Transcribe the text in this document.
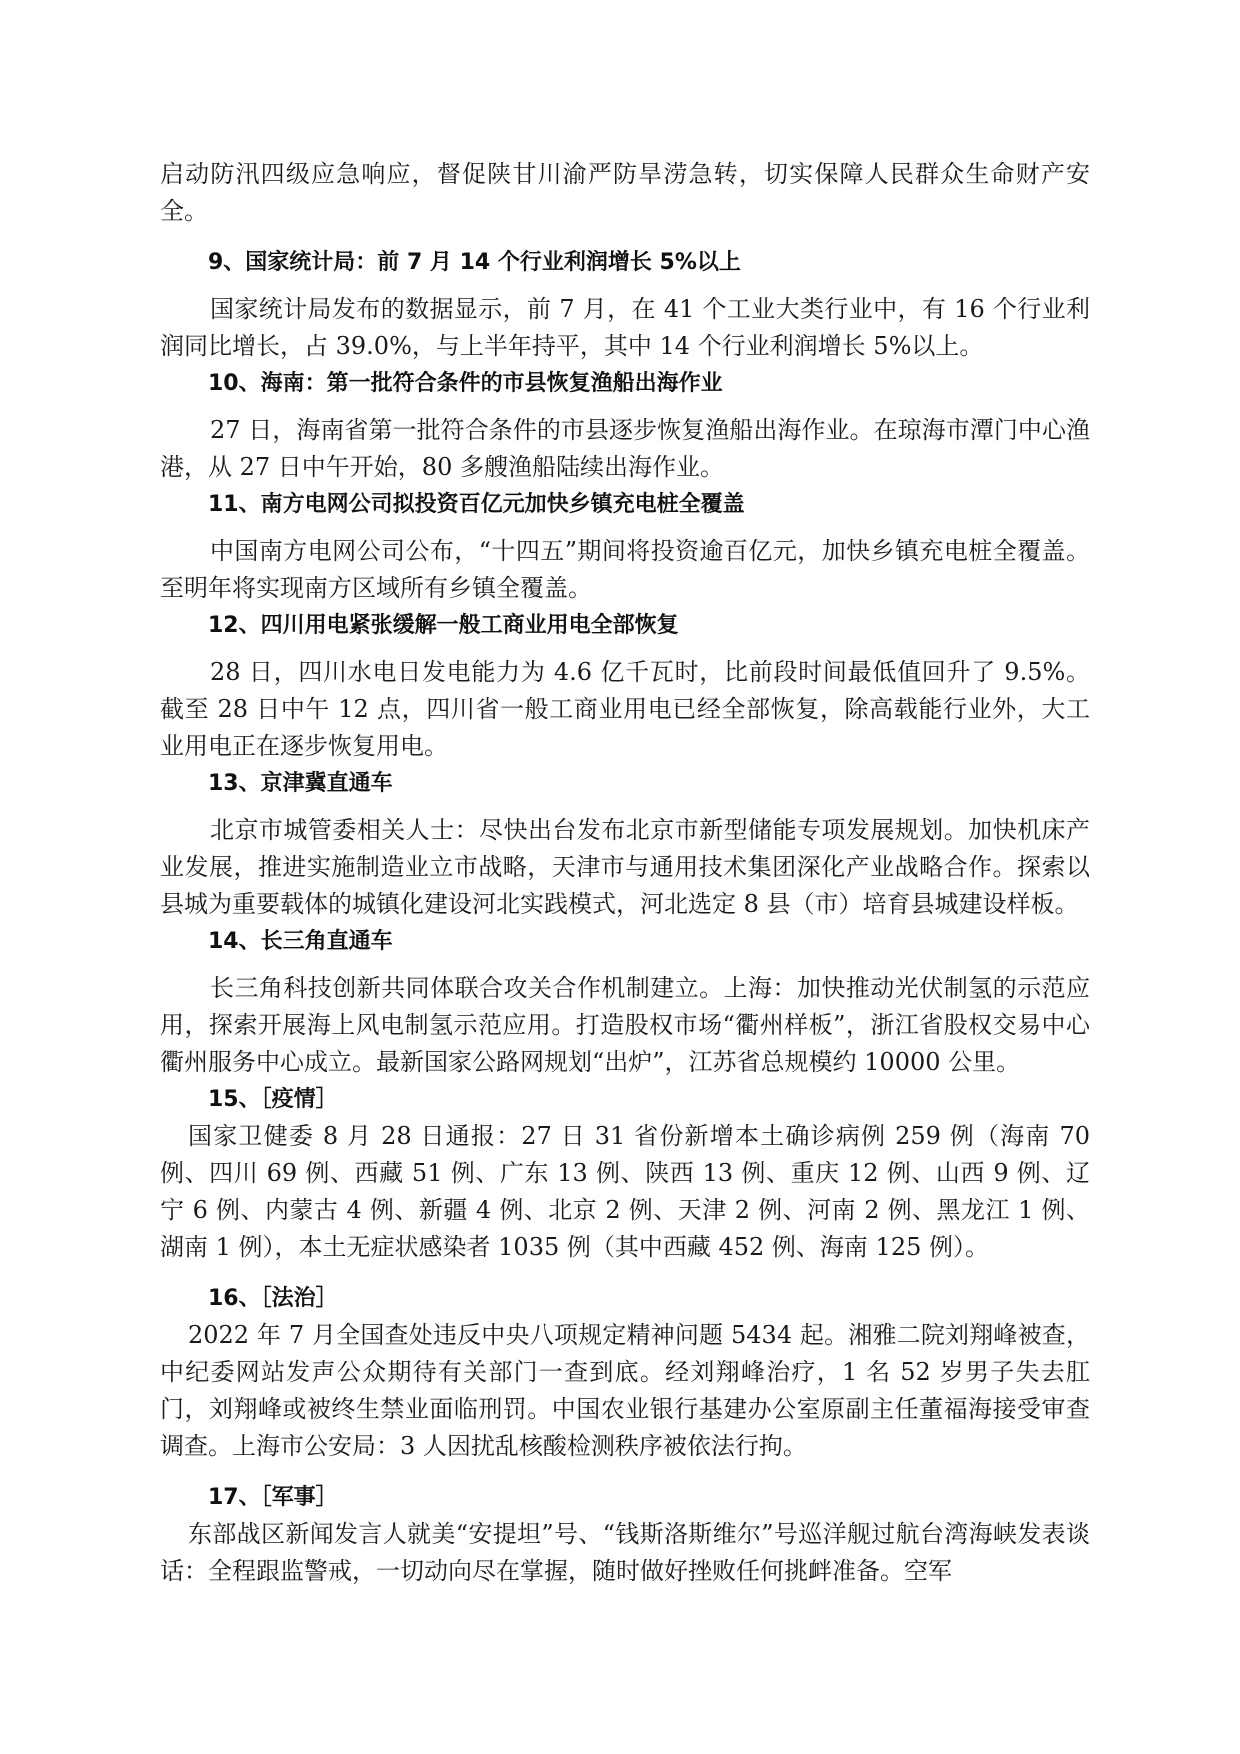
启动防汛四级应急响应，督促陕甘川渝严防旱涝急转，切实保障人民群众生命财产安全。

9、国家统计局：前 7 月 14 个行业利润增长 5%以上

国家统计局发布的数据显示，前 7 月，在 41 个工业大类行业中，有 16 个行业利润同比增长，占 39.0%，与上半年持平，其中 14 个行业利润增长 5%以上。

10、海南：第一批符合条件的市县恢复渔船出海作业

27 日，海南省第一批符合条件的市县逐步恢复渔船出海作业。在琼海市潭门中心渔港，从 27 日中午开始，80 多艘渔船陆续出海作业。

11、南方电网公司拟投资百亿元加快乡镇充电桩全覆盖

中国南方电网公司公布，“十四五”期间将投资逾百亿元，加快乡镇充电桩全覆盖。至明年将实现南方区域所有乡镇全覆盖。

12、四川用电紧张缓解一般工商业用电全部恢复

28 日，四川水电日发电能力为 4.6 亿千瓦时，比前段时间最低值回升了 9.5%。截至 28 日中午 12 点，四川省一般工商业用电已经全部恢复，除高载能行业外，大工业用电正在逐步恢复用电。

13、京津冀直通车

北京市城管委相关人士：尽快出台发布北京市新型储能专项发展规划。加快机床产业发展，推进实施制造业立市战略，天津市与通用技术集团深化产业战略合作。探索以县城为重要载体的城镇化建设河北实践模式，河北选定 8 县（市）培育县城建设样板。

14、长三角直通车

长三角科技创新共同体联合攻关合作机制建立。上海：加快推动光伏制氢的示范应用，探索开展海上风电制氢示范应用。打造股权市场“衢州样板”，浙江省股权交易中心衢州服务中心成立。最新国家公路网规划“出炉”，江苏省总规模约 10000 公里。

15、［疫情］

国家卫健委 8 月 28 日通报：27 日 31 省份新增本土确诊病例 259 例（海南 70 例、四川 69 例、西藏 51 例、广东 13 例、陕西 13 例、重庆 12 例、山西 9 例、辽宁 6 例、内蒙古 4 例、新疆 4 例、北京 2 例、天津 2 例、河南 2 例、黑龙江 1 例、湖南 1 例），本土无症状感染者 1035 例（其中西藏 452 例、海南 125 例）。

16、［法治］

2022 年 7 月全国查处违反中央八项规定精神问题 5434 起。湘雅二院刘翔峰被查，中纪委网站发声公众期待有关部门一查到底。经刘翔峰治疗，1 名 52 岁男子失去肛门，刘翔峰或被终生禁业面临刑罚。中国农业银行基建办公室原副主任董福海接受审查调查。上海市公安局：3 人因扰乱核酸检测秩序被依法行拘。

17、［军事］

东部战区新闻发言人就美“安提坦”号、“钱斯洛斯维尔”号巡洋舰过航台湾海峡发表谈话：全程跟监警戒，一切动向尽在掌握，随时做好挫败任何挑衅准备。空军
